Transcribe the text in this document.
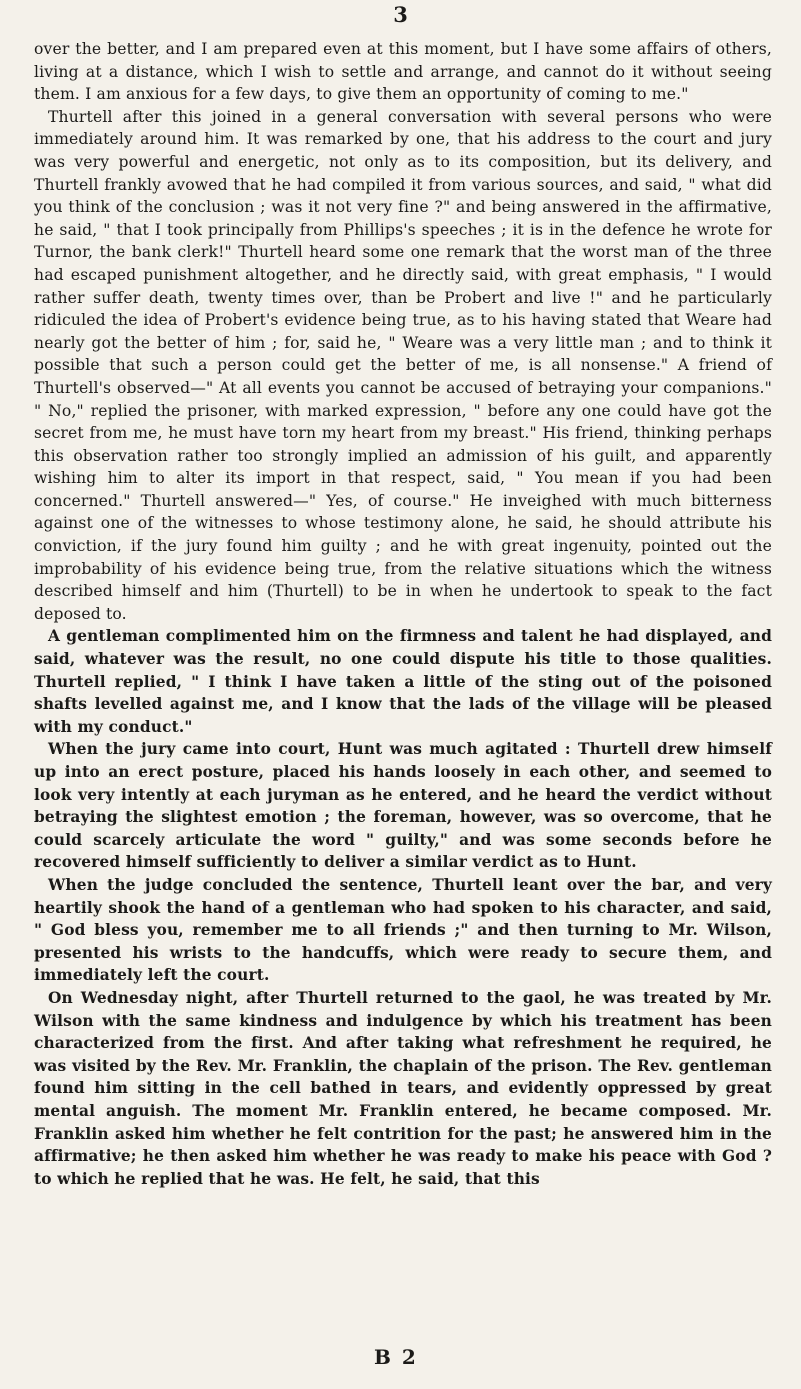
3

over the better, and I am prepared even at this moment, but I have some affairs of others, living at a distance, which I wish to settle and arrange, and cannot do it without seeing them. I am anxious for a few days, to give them an opportunity of coming to me."

Thurtell after this joined in a general conversation with several persons who were immediately around him. It was remarked by one, that his address to the court and jury was very powerful and energetic, not only as to its composition, but its delivery, and Thurtell frankly avowed that he had compiled it from various sources, and said, " what did you think of the conclusion ; was it not very fine ?" and being answered in the affirmative, he said, " that I took principally from Phillips's speeches ; it is in the defence he wrote for Turnor, the bank clerk!" Thurtell heard some one remark that the worst man of the three had escaped punishment altogether, and he directly said, with great emphasis, " I would rather suffer death, twenty times over, than be Probert and live !" and he particularly ridiculed the idea of Probert's evidence being true, as to his having stated that Weare had nearly got the better of him ; for, said he, " Weare was a very little man ; and to think it possible that such a person could get the better of me, is all nonsense." A friend of Thurtell's observed—" At all events you cannot be accused of betraying your companions." " No," replied the prisoner, with marked expression, " before any one could have got the secret from me, he must have torn my heart from my breast." His friend, thinking perhaps this observation rather too strongly implied an admission of his guilt, and apparently wishing him to alter its import in that respect, said, " You mean if you had been concerned." Thurtell answered—" Yes, of course." He inveighed with much bitterness against one of the witnesses to whose testimony alone, he said, he should attribute his conviction, if the jury found him guilty ; and he with great ingenuity, pointed out the improbability of his evidence being true, from the relative situations which the witness described himself and him (Thurtell) to be in when he undertook to speak to the fact deposed to.

A gentleman complimented him on the firmness and talent he had displayed, and said, whatever was the result, no one could dispute his title to those qualities. Thurtell replied, " I think I have taken a little of the sting out of the poisoned shafts levelled against me, and I know that the lads of the village will be pleased with my conduct."

When the jury came into court, Hunt was much agitated : Thurtell drew himself up into an erect posture, placed his hands loosely in each other, and seemed to look very intently at each juryman as he entered, and he heard the verdict without betraying the slightest emotion ; the foreman, however, was so overcome, that he could scarcely articulate the word " guilty," and was some seconds before he recovered himself sufficiently to deliver a similar verdict as to Hunt.

When the judge concluded the sentence, Thurtell leant over the bar, and very heartily shook the hand of a gentleman who had spoken to his character, and said, " God bless you, remember me to all friends ;" and then turning to Mr. Wilson, presented his wrists to the handcuffs, which were ready to secure them, and immediately left the court.

On Wednesday night, after Thurtell returned to the gaol, he was treated by Mr. Wilson with the same kindness and indulgence by which his treatment has been characterized from the first. And after taking what refreshment he required, he was visited by the Rev. Mr. Franklin, the chaplain of the prison. The Rev. gentleman found him sitting in the cell bathed in tears, and evidently oppressed by great mental anguish. The moment Mr. Franklin entered, he became composed. Mr. Franklin asked him whether he felt contrition for the past; he answered him in the affirmative; he then asked him whether he was ready to make his peace with God ? to which he replied that he was. He felt, he said, that this

B 2
